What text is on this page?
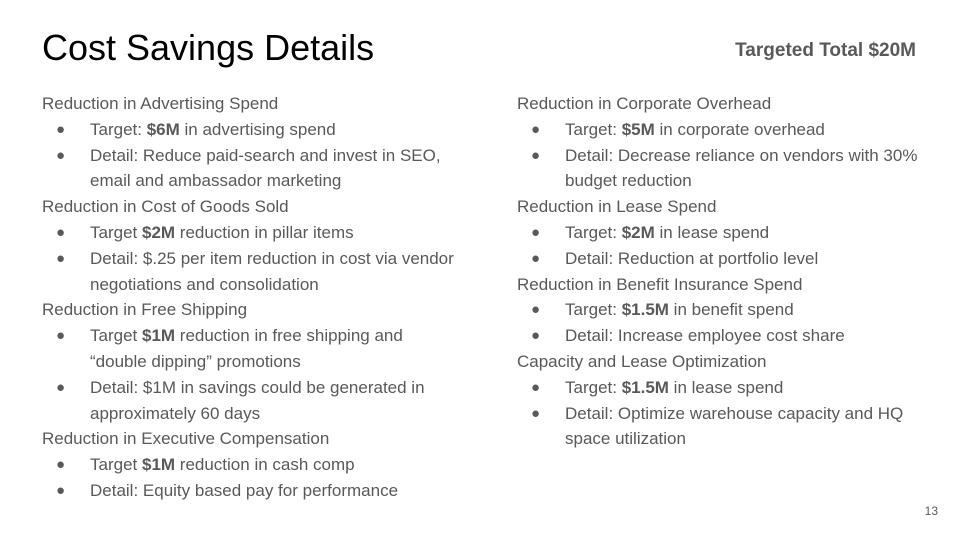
Cost Savings Details	Targeted Total $20M
Reduction in Advertising Spend
● Target: $6M in advertising spend
● Detail: Reduce paid-search and invest in SEO, email and ambassador marketing
Reduction in Cost of Goods Sold
● Target $2M reduction in pillar items
● Detail: $.25 per item reduction in cost via vendor negotiations and consolidation
Reduction in Free Shipping
● Target $1M reduction in free shipping and “double dipping” promotions
● Detail: $1M in savings could be generated in approximately 60 days
Reduction in Executive Compensation
● Target $1M reduction in cash comp
● Detail: Equity based pay for performance
Reduction in Corporate Overhead
● Target: $5M in corporate overhead
● Detail: Decrease reliance on vendors with 30% budget reduction
Reduction in Lease Spend
● Target: $2M in lease spend
● Detail: Reduction at portfolio level
Reduction in Benefit Insurance Spend
● Target: $1.5M in benefit spend
● Detail: Increase employee cost share
Capacity and Lease Optimization
● Target: $1.5M in lease spend
● Detail: Optimize warehouse capacity and HQ space utilization
13
